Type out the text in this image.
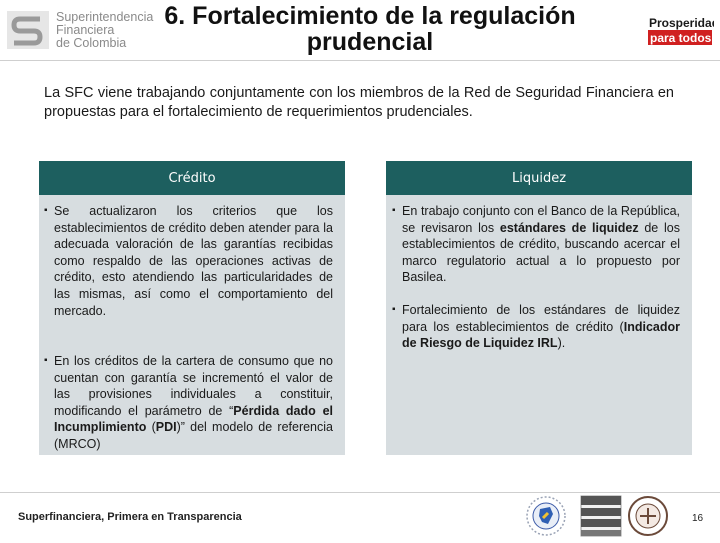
Superintendencia
Financiera
de Colombia
6. Fortalecimiento de la regulación
prudencial
Prosperidad
para todos
La SFC viene trabajando conjuntamente con los miembros de la Red de Seguridad Financiera en propuestas para el fortalecimiento de requerimientos prudenciales.
Crédito
▪ Se actualizaron los criterios que los establecimientos de crédito deben atender para la adecuada valoración de las garantías recibidas como respaldo de las operaciones activas de crédito, esto atendiendo las particularidades de las mismas, así como el comportamiento del mercado.
▪ En los créditos de la cartera de consumo que no cuentan con garantía se incrementó el valor de las provisiones individuales a constituir, modificando el parámetro de “Pérdida dado el Incumplimiento (PDI)” del modelo de referencia (MRCO)
Liquidez
▪ En trabajo conjunto con el Banco de la República, se revisaron los estándares de liquidez de los establecimientos de crédito, buscando acercar el marco regulatorio actual a lo propuesto por Basilea.
▪ Fortalecimiento de los estándares de liquidez para los establecimientos de crédito (Indicador de Riesgo de Liquidez IRL).
Superfinanciera, Primera en Transparencia	16
